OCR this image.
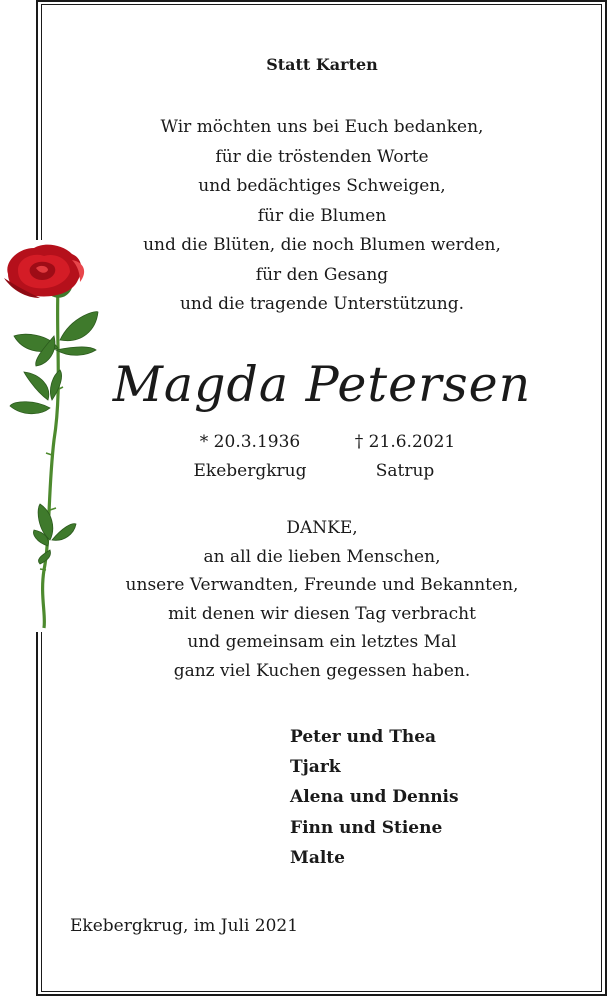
Statt Karten
Wir möchten uns bei Euch bedanken,
für die tröstenden Worte
und bedächtiges Schweigen,
für die Blumen
und die Blüten, die noch Blumen werden,
für den Gesang
und die tragende Unterstützung.
Magda Petersen
* 20.3.1936
Ekebergkrug
† 21.6.2021
Satrup
DANKE,
an all die lieben Menschen,
unsere Verwandten, Freunde und Bekannten,
mit denen wir diesen Tag verbracht
und gemeinsam ein letztes Mal
ganz viel Kuchen gegessen haben.
Peter und Thea
Tjark
Alena und Dennis
Finn und Stiene
Malte
Ekebergkrug, im Juli 2021
